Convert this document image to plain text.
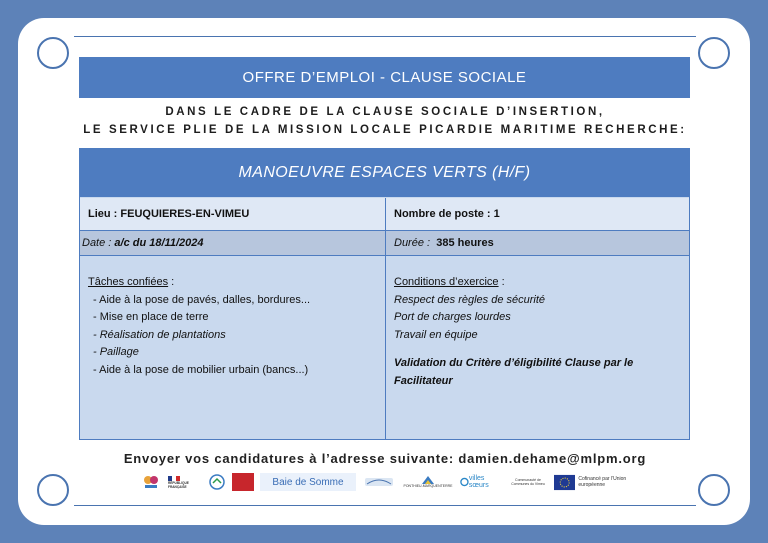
OFFRE D’EMPLOI - CLAUSE SOCIALE
DANS LE CADRE DE LA CLAUSE SOCIALE D’INSERTION,
LE SERVICE PLIE DE LA MISSION LOCALE PICARDIE MARITIME RECHERCHE:
MANOEUVRE ESPACES VERTS (H/F)
Lieu : FEUQUIERES-EN-VIMEU	Nombre de poste : 1
Date : a/c du 18/11/2024	Durée : 385 heures
Tâches confiées :
- Aide à la pose de pavés, dalles, bordures...
- Mise en place de terre
- Réalisation de plantations
- Paillage
- Aide à la pose de mobilier urbain (bancs...)
Conditions d’exercice :
Respect des règles de sécurité
Port de charges lourdes
Travail en équipe
Validation du Critère d’éligibilité Clause par le Facilitateur
Envoyer vos candidatures à l’adresse suivante: damien.dehame@mlpm.org
RÉPUBLIQUE FRANÇAISE	Baie de Somme	PONTHIEU-MARQUENTERRE
villes sœurs
Communauté de Communes du Vimeu
Cofinancé par l’Union européenne
